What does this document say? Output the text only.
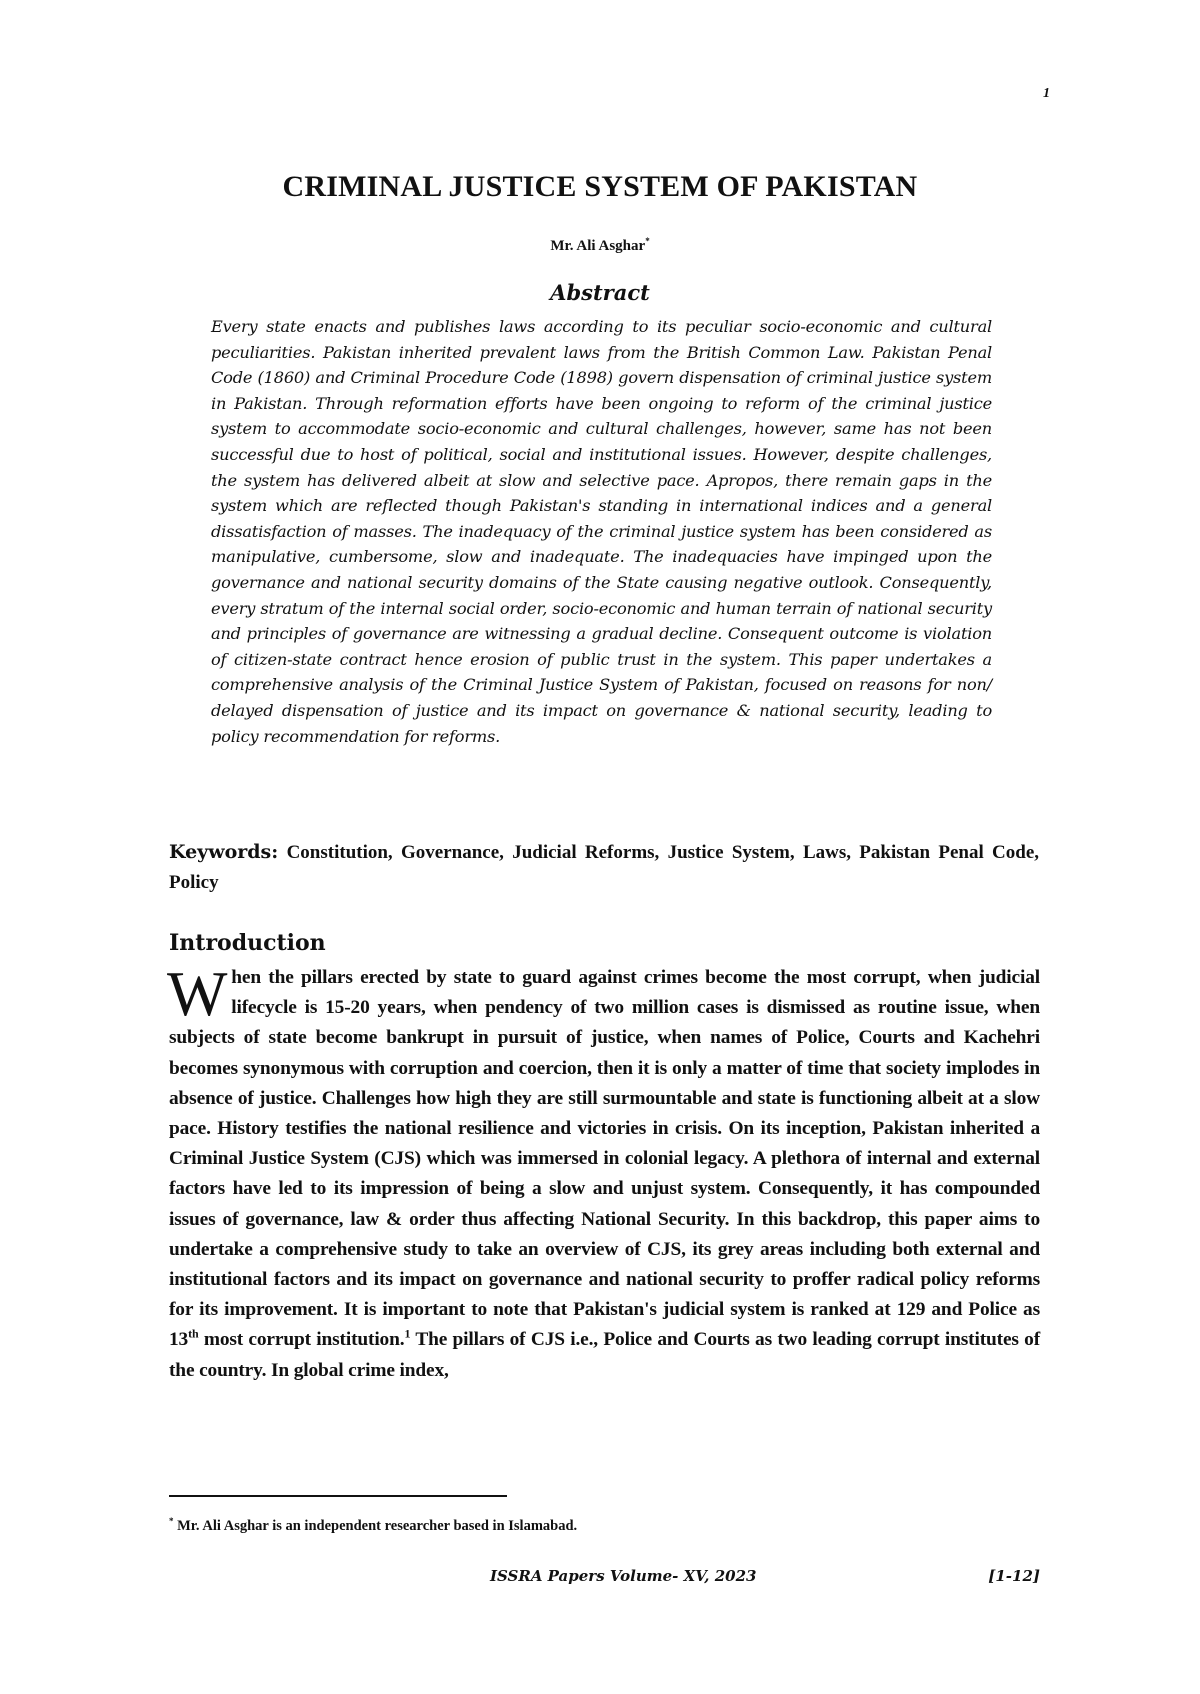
1
CRIMINAL JUSTICE SYSTEM OF PAKISTAN
Mr. Ali Asghar*
Abstract
Every state enacts and publishes laws according to its peculiar socio-economic and cultural peculiarities. Pakistan inherited prevalent laws from the British Common Law. Pakistan Penal Code (1860) and Criminal Procedure Code (1898) govern dispensation of criminal justice system in Pakistan. Through reformation efforts have been ongoing to reform of the criminal justice system to accommodate socio-economic and cultural challenges, however, same has not been successful due to host of political, social and institutional issues. However, despite challenges, the system has delivered albeit at slow and selective pace. Apropos, there remain gaps in the system which are reflected though Pakistan's standing in international indices and a general dissatisfaction of masses. The inadequacy of the criminal justice system has been considered as manipulative, cumbersome, slow and inadequate. The inadequacies have impinged upon the governance and national security domains of the State causing negative outlook. Consequently, every stratum of the internal social order, socio-economic and human terrain of national security and principles of governance are witnessing a gradual decline. Consequent outcome is violation of citizen-state contract hence erosion of public trust in the system. This paper undertakes a comprehensive analysis of the Criminal Justice System of Pakistan, focused on reasons for non/ delayed dispensation of justice and its impact on governance & national security, leading to policy recommendation for reforms.
Keywords: Constitution, Governance, Judicial Reforms, Justice System, Laws, Pakistan Penal Code, Policy
Introduction
When the pillars erected by state to guard against crimes become the most corrupt, when judicial lifecycle is 15-20 years, when pendency of two million cases is dismissed as routine issue, when subjects of state become bankrupt in pursuit of justice, when names of Police, Courts and Kachehri becomes synonymous with corruption and coercion, then it is only a matter of time that society implodes in absence of justice. Challenges how high they are still surmountable and state is functioning albeit at a slow pace. History testifies the national resilience and victories in crisis. On its inception, Pakistan inherited a Criminal Justice System (CJS) which was immersed in colonial legacy. A plethora of internal and external factors have led to its impression of being a slow and unjust system. Consequently, it has compounded issues of governance, law & order thus affecting National Security. In this backdrop, this paper aims to undertake a comprehensive study to take an overview of CJS, its grey areas including both external and institutional factors and its impact on governance and national security to proffer radical policy reforms for its improvement. It is important to note that Pakistan's judicial system is ranked at 129 and Police as 13th most corrupt institution.$^1$ The pillars of CJS i.e., Police and Courts as two leading corrupt institutes of the country. In global crime index,
* Mr. Ali Asghar is an independent researcher based in Islamabad.
ISSRA Papers Volume- XV, 2023	[1-12]
